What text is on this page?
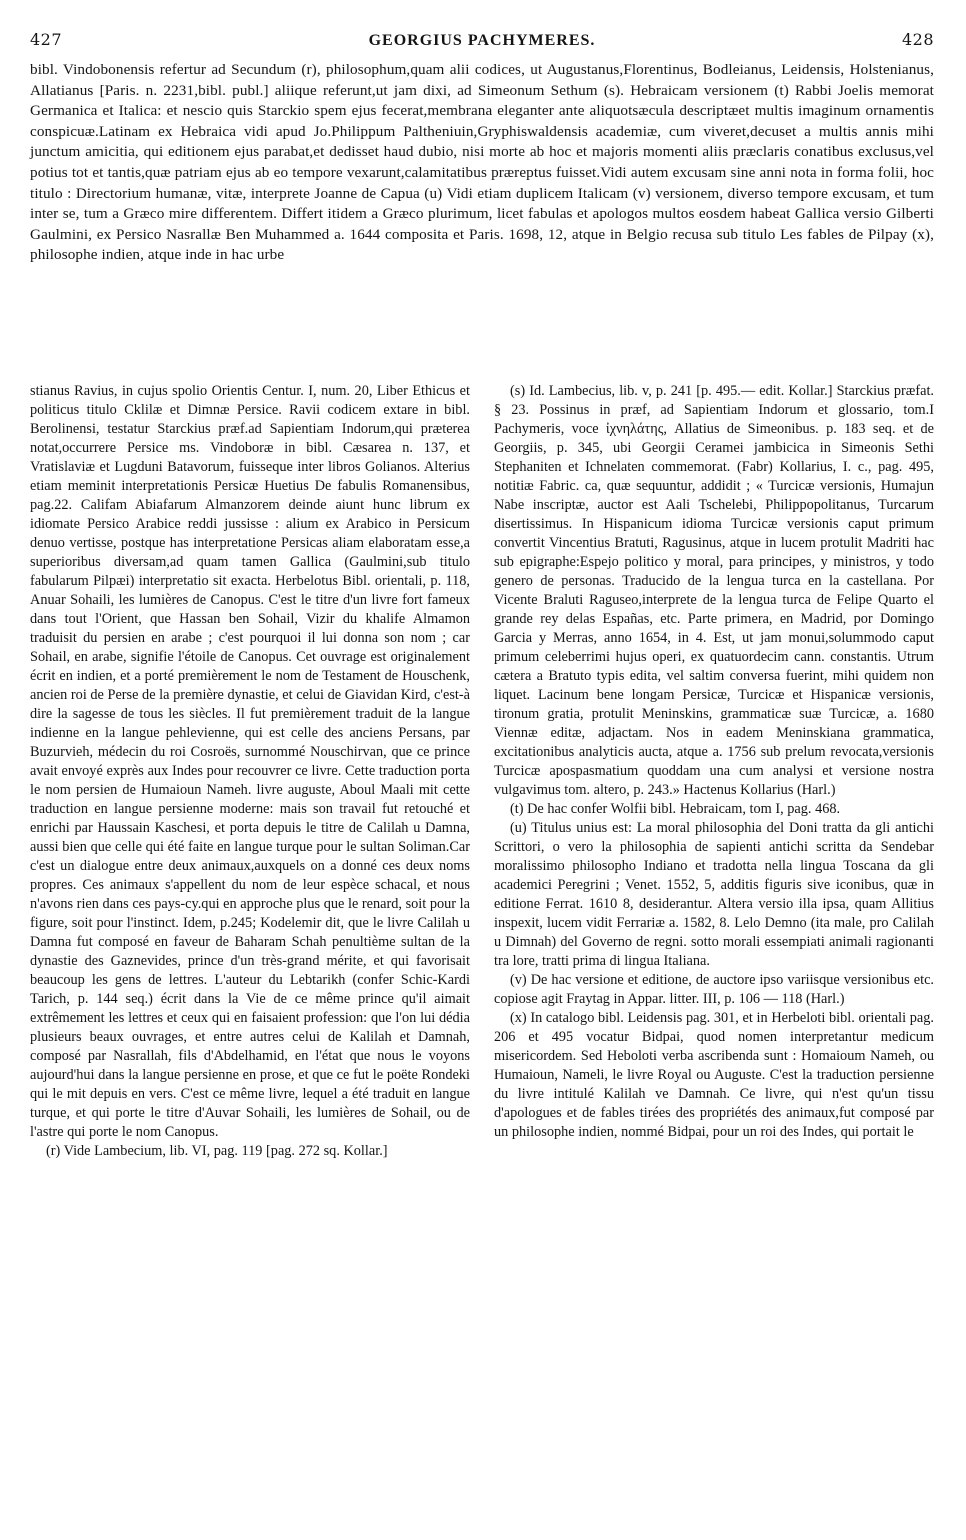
427	GEORGIUS PACHYMERES.	428

bibl. Vindobonensis refertur ad Secundum (r), philosophum,quam alii codices, ut Augustanus,Florentinus, Bodleianus, Leidensis, Holstenianus, Allatianus [Paris. n. 2231,bibl. publ.] aliique referunt,ut jam dixi, ad Simeonum Sethum (s). Hebraicam versionem (t) Rabbi Joelis memorat Germanica et Italica: et nescio quis Starckio spem ejus fecerat,membrana eleganter ante aliquotsæcula descriptæet multis imaginum ornamentis conspicuæ.Latinam ex Hebraica vidi apud Jo.Philippum Paltheniuin,Gryphiswaldensis academiæ, cum viveret,decuset a multis annis mihi junctum amicitia, qui editionem ejus parabat,et dedisset haud dubio, nisi morte ab hoc et majoris momenti aliis præclaris conatibus exclusus,vel potius tot et tantis,quæ patriam ejus ab eo tempore vexarunt,calamitatibus præreptus fuisset.Vidi autem excusam sine anni nota in forma folii, hoc titulo : Directorium humanæ, vitæ, interprete Joanne de Capua (u) Vidi etiam duplicem Italicam (v) versionem, diverso tempore excusam, et tum inter se, tum a Græco mire differentem. Differt itidem a Græco plurimum, licet fabulas et apologos multos eosdem habeat Gallica versio Gilberti Gaulmini, ex Persico Nasrallæ Ben Muhammed a. 1644 composita et Paris. 1698, 12, atque in Belgio recusa sub titulo Les fables de Pilpay (x), philosophe indien, atque inde in hac urbe

stianus Ravius, in cujus spolio Orientis Centur. I, num. 20, Liber Ethicus et politicus titulo Cklilæ et Dimnæ Persice. Ravii codicem extare in bibl. Berolinensi, testatur Starckius præf.ad Sapientiam Indorum,qui præterea notat,occurrere Persice ms. Vindoboræ in bibl. Cæsarea n. 137, et Vratislaviæ et Lugduni Batavorum, fuisseque inter libros Golianos. Alterius etiam meminit interpretationis Persicæ Huetius De fabulis Romanensibus, pag.22. Califam Abiafarum Almanzorem deinde aiunt hunc librum ex idiomate Persico Arabice reddi jussisse : alium ex Arabico in Persicum denuo vertisse, postque has interpretatione Persicas aliam elaboratam esse,a superioribus diversam,ad quam tamen Gallica (Gaulmini,sub titulo fabularum Pilpæi) interpretatio sit exacta. Herbelotus Bibl. orientali, p. 118, Anuar Sohaili, les lumières de Canopus. C'est le titre d'un livre fort fameux dans tout l'Orient, que Hassan ben Sohail, Vizir du khalife Almamon traduisit du persien en arabe ; c'est pourquoi il lui donna son nom ; car Sohail, en arabe, signifie l'étoile de Canopus. Cet ouvrage est originalement écrit en indien, et a porté premièrement le nom de Testament de Houschenk, ancien roi de Perse de la première dynastie, et celui de Giavidan Kird, c'est-à dire la sagesse de tous les siècles. Il fut premièrement traduit de la langue indienne en la langue pehlevienne, qui est celle des anciens Persans, par Buzurvieh, médecin du roi Cosroës, surnommé Nouschirvan, que ce prince avait envoyé exprès aux Indes pour recouvrer ce livre. Cette traduction porta le nom persien de Humaioun Nameh. livre auguste, Aboul Maali mit cette traduction en langue persienne moderne: mais son travail fut retouché et enrichi par Haussain Kaschesi, et porta depuis le titre de Calilah u Damna, aussi bien que celle qui été faite en langue turque pour le sultan Soliman.Car c'est un dialogue entre deux animaux,auxquels on a donné ces deux noms propres. Ces animaux s'appellent du nom de leur espèce schacal, et nous n'avons rien dans ces pays-cy.qui en approche plus que le renard, soit pour la figure, soit pour l'instinct. Idem, p.245; Kodelemir dit, que le livre Calilah u Damna fut composé en faveur de Baharam Schah penultième sultan de la dynastie des Gaznevides, prince d'un très-grand mérite, et qui favorisait beaucoup les gens de lettres. L'auteur du Lebtarikh (confer Schic-Kardi Tarich, p. 144 seq.) écrit dans la Vie de ce même prince qu'il aimait extrêmement les lettres et ceux qui en faisaient profession: que l'on lui dédia plusieurs beaux ouvrages, et entre autres celui de Kalilah et Damnah, composé par Nasrallah, fils d'Abdelhamid, en l'état que nous le voyons aujourd'hui dans la langue persienne en prose, et que ce fut le poëte Rondeki qui le mit depuis en vers. C'est ce même livre, lequel a été traduit en langue turque, et qui porte le titre d'Auvar Sohaili, les lumières de Sohail, ou de l'astre qui porte le nom Canopus.

(r) Vide Lambecium, lib. VI, pag. 119 [pag. 272 sq. Kollar.]

(s) Id. Lambecius, lib. v, p. 241 [p. 495.— edit. Kollar.] Starckius præfat. § 23. Possinus in præf, ad Sapientiam Indorum et glossario, tom.I Pachymeris, voce ἰχνηλάτης, Allatius de Simeonibus. p. 183 seq. et de Georgiis, p. 345, ubi Georgii Ceramei jambicica in Simeonis Sethi Stephaniten et Ichnelaten commemorat. (Fabr) Kollarius, I. c., pag. 495, notitiæ Fabric. ca, quæ sequuntur, addidit ; « Turcicæ versionis, Humajun Nabe inscriptæ, auctor est Aali Tschelebi, Philippopolitanus, Turcarum disertissimus. In Hispanicum idioma Turcicæ versionis caput primum convertit Vincentius Bratuti, Ragusinus, atque in lucem protulit Madriti hac sub epigraphe:Espejo politico y moral, para principes, y ministros, y todo genero de personas. Traducido de la lengua turca en la castellana. Por Vicente Braluti Raguseo,interprete de la lengua turca de Felipe Quarto el grande rey delas Españas, etc. Parte primera, en Madrid, por Domingo Garcia y Merras, anno 1654, in 4. Est, ut jam monui,solummodo caput primum celeberrimi hujus operi, ex quatuordecim cann. constantis. Utrum cætera a Bratuto typis edita, vel saltim conversa fuerint, mihi quidem non liquet. Lacinum bene longam Persicæ, Turcicæ et Hispanicæ versionis, tironum gratia, protulit Meninskins, grammaticæ suæ Turcicæ, a. 1680 Viennæ editæ, adjactam. Nos in eadem Meninskiana grammatica, excitationibus analyticis aucta, atque a. 1756 sub prelum revocata,versionis Turcicæ apospasmatium quoddam una cum analysi et versione nostra vulgavimus tom. altero, p. 243.» Hactenus Kollarius (Harl.)

(t) De hac confer Wolfii bibl. Hebraicam, tom I, pag. 468.

(u) Titulus unius est: La moral philosophia del Doni tratta da gli antichi Scrittori, o vero la philosophia de sapienti antichi scritta da Sendebar moralissimo philosopho Indiano et tradotta nella lingua Toscana da gli academici Peregrini ; Venet. 1552, 5, additis figuris sive iconibus, quæ in editione Ferrat. 1610 8, desiderantur. Altera versio illa ipsa, quam Allitius inspexit, lucem vidit Ferrariæ a. 1582, 8. Lelo Demno (ita male, pro Calilah u Dimnah) del Governo de regni. sotto morali essempiati animali ragionanti tra lore, tratti prima di lingua Italiana.

(v) De hac versione et editione, de auctore ipso variisque versionibus etc. copiose agit Fraytag in Appar. litter. III, p. 106 — 118 (Harl.)

(x) In catalogo bibl. Leidensis pag. 301, et in Herbeloti bibl. orientali pag. 206 et 495 vocatur Bidpai, quod nomen interpretantur medicum misericordem. Sed Heboloti verba ascribenda sunt : Homaioum Nameh, ou Humaioun, Nameli, le livre Royal ou Auguste. C'est la traduction persienne du livre intitulé Kalilah ve Damnah. Ce livre, qui n'est qu'un tissu d'apologues et de fables tirées des propriétés des animaux,fut composé par un philosophe indien, nommé Bidpai, pour un roi des Indes, qui portait le
